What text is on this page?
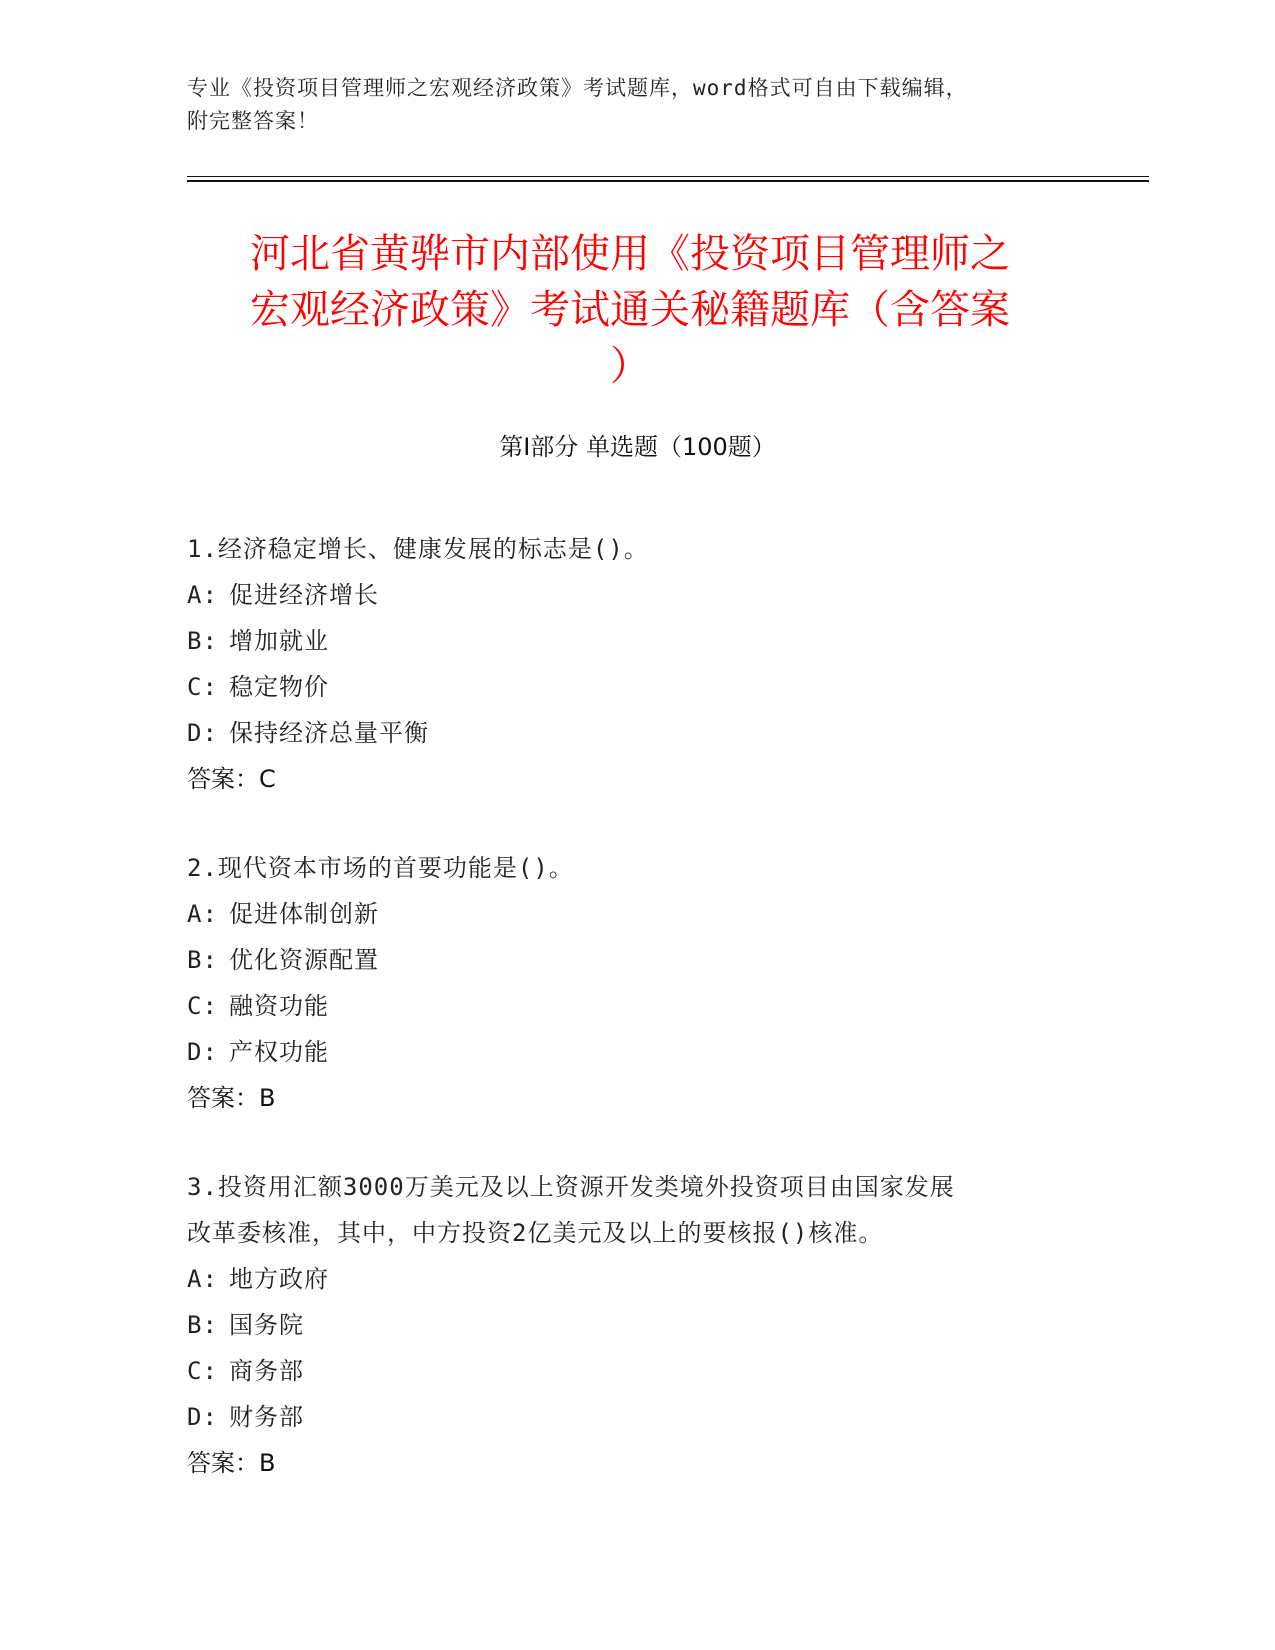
专业《投资项目管理师之宏观经济政策》考试题库，word格式可自由下载编辑，
附完整答案！
河北省黄骅市内部使用《投资项目管理师之
宏观经济政策》考试通关秘籍题库（含答案
）
第I部分 单选题（100题）
1.经济稳定增长、健康发展的标志是()。
A: 促进经济增长
B: 增加就业
C: 稳定物价
D: 保持经济总量平衡
答案：C
2.现代资本市场的首要功能是()。
A: 促进体制创新
B: 优化资源配置
C: 融资功能
D: 产权功能
答案：B
3.投资用汇额3000万美元及以上资源开发类境外投资项目由国家发展
改革委核准，其中，中方投资2亿美元及以上的要核报()核准。
A: 地方政府
B: 国务院
C: 商务部
D: 财务部
答案：B
